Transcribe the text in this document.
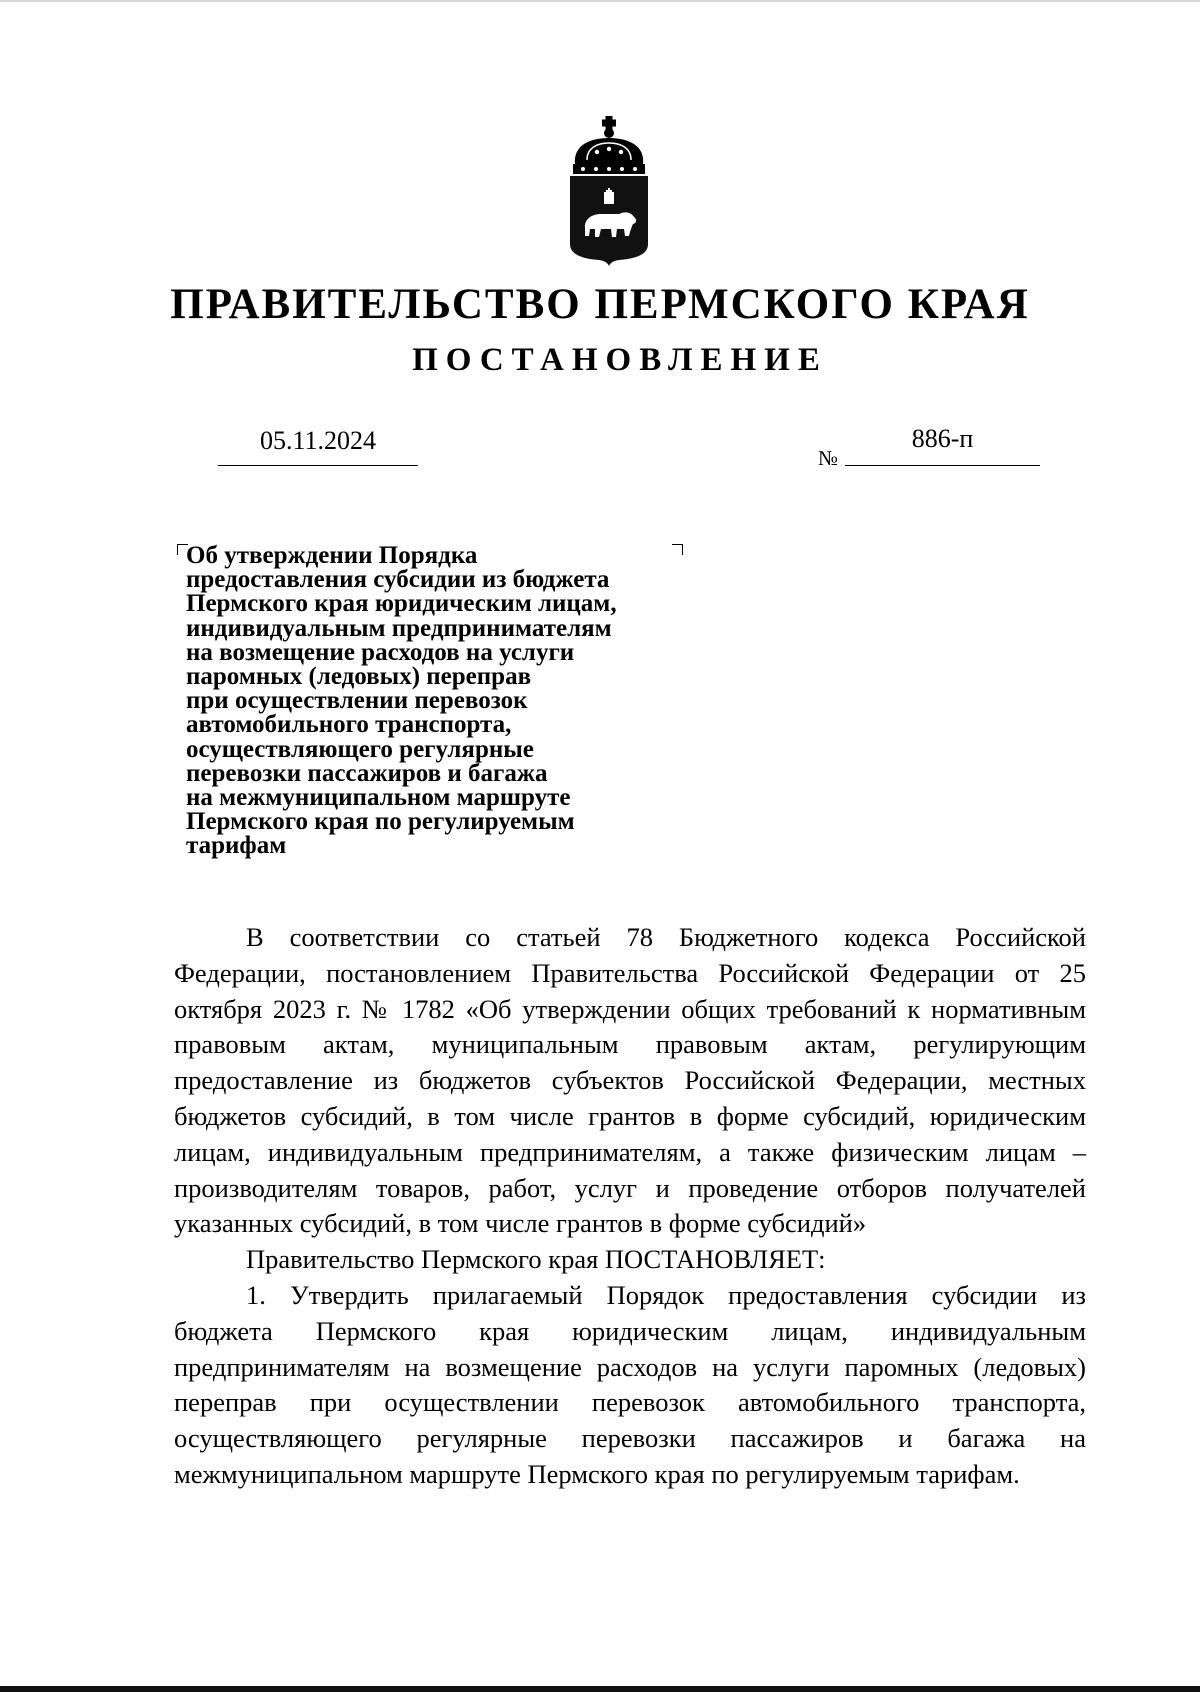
ПРАВИТЕЛЬСТВО ПЕРМСКОГО КРАЯ
ПОСТАНОВЛЕНИЕ
05.11.2024
№
886-п
Об утверждении Порядка
предоставления субсидии из бюджета
Пермского края юридическим лицам,
индивидуальным предпринимателям
на возмещение расходов на услуги
паромных (ледовых) переправ
при осуществлении перевозок
автомобильного транспорта,
осуществляющего регулярные
перевозки пассажиров и багажа
на межмуниципальном маршруте
Пермского края по регулируемым
тарифам

В соответствии со статьей 78 Бюджетного кодекса Российской Федерации, постановлением Правительства Российской Федерации от 25 октября 2023 г. № 1782 «Об утверждении общих требований к нормативным правовым актам, муниципальным правовым актам, регулирующим предоставление из бюджетов субъектов Российской Федерации, местных бюджетов субсидий, в том числе грантов в форме субсидий, юридическим лицам, индивидуальным предпринимателям, а также физическим лицам – производителям товаров, работ, услуг и проведение отборов получателей указанных субсидий, в том числе грантов в форме субсидий»

Правительство Пермского края ПОСТАНОВЛЯЕТ:

1. Утвердить прилагаемый Порядок предоставления субсидии из бюджета Пермского края юридическим лицам, индивидуальным предпринимателям на возмещение расходов на услуги паромных (ледовых) переправ при осуществлении перевозок автомобильного транспорта, осуществляющего регулярные перевозки пассажиров и багажа на межмуниципальном маршруте Пермского края по регулируемым тарифам.
